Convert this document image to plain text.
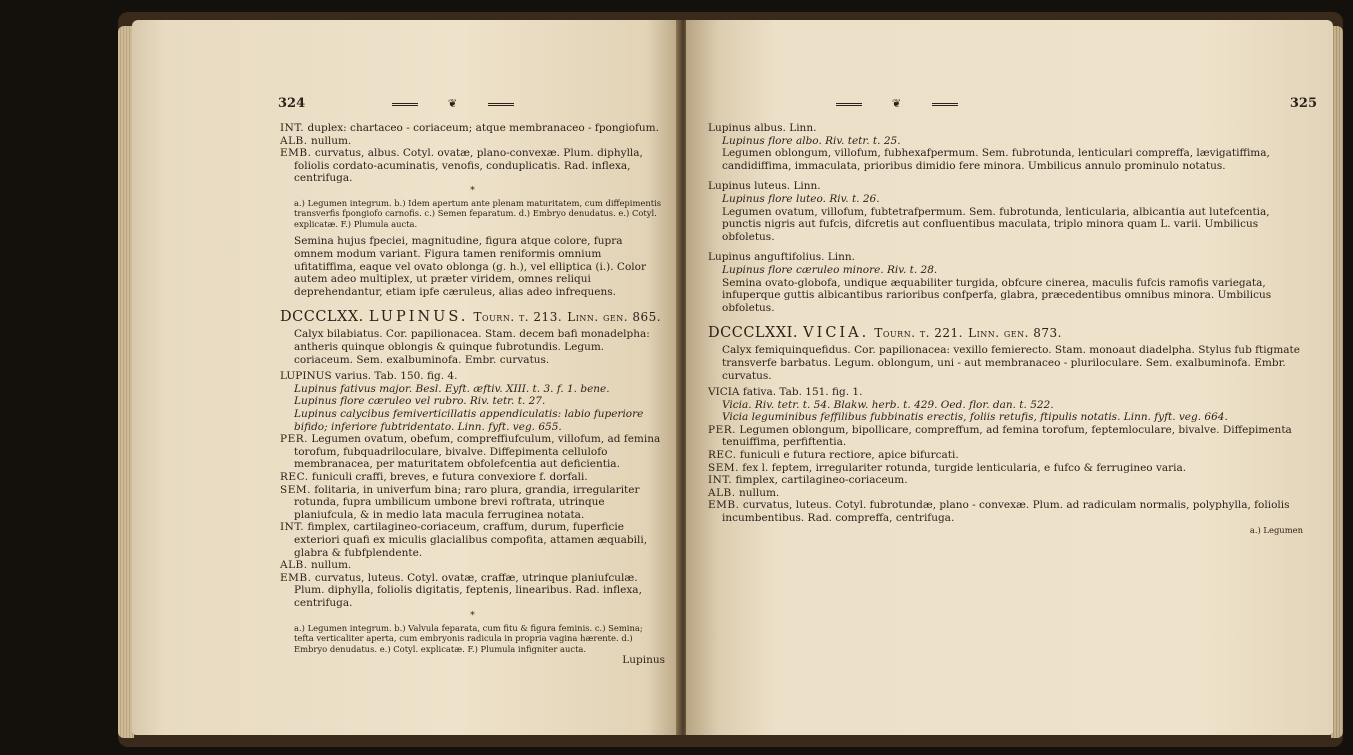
324	❦

INT. duplex: chartaceo - coriaceum; atque membranaceo - fpongiofum.

ALB. nullum.

EMB. curvatus, albus. Cotyl. ovatæ, plano-convexæ. Plum. diphylla, foliolis cordato-acuminatis, venofis, conduplicatis. Rad. inflexa, centrifuga.

*

a.) Legumen integrum. b.) Idem apertum ante plenam maturitatem, cum diffepimentis transverfis fpongiofo carnofis. c.) Semen feparatum. d.) Embryo denudatus. e.) Cotyl. explicatæ. F.) Plumula aucta.

Semina hujus fpeciei, magnitudine, figura atque colore, fupra omnem modum variant. Figura tamen reniformis omnium ufitatiffima, eaque vel ovato oblonga (g. h.), vel elliptica (i.). Color autem adeo multiplex, ut præter viridem, omnes reliqui deprehendantur, etiam ipfe cæruleus, alias adeo infrequens.

DCCCLXX. LUPINUS. Tourn. t. 213. Linn. gen. 865.

Calyx bilabiatus. Cor. papilionacea. Stam. decem bafi monadelpha: antheris quinque oblongis & quinque fubrotundis. Legum. coriaceum. Sem. exalbuminofa. Embr. curvatus.

LUPINUS varius. Tab. 150. fig. 4.

Lupinus fativus major. Besl. Eyft. æftiv. XIII. t. 3. f. 1. bene.

Lupinus flore cæruleo vel rubro. Riv. tetr. t. 27.

Lupinus calycibus femiverticillatis appendiculatis: labio fuperiore bifido; inferiore fubtridentato. Linn. fyft. veg. 655.

PER. Legumen ovatum, obefum, compreffiufculum, villofum, ad femina torofum, fubquadriloculare, bivalve. Diffepimenta cellulofo membranacea, per maturitatem obfolefcentia aut deficientia.

REC. funiculi craffi, breves, e futura convexiore f. dorfali.

SEM. folitaria, in univerfum bina; raro plura, grandia, irregulariter rotunda, fupra umbilicum umbone brevi roftrata, utrinque planiufcula, & in medio lata macula ferruginea notata.

INT. fimplex, cartilagineo-coriaceum, craffum, durum, fuperficie exteriori quafi ex miculis glacialibus compofita, attamen æquabili, glabra & fubfplendente.

ALB. nullum.

EMB. curvatus, luteus. Cotyl. ovatæ, craffæ, utrinque planiufculæ. Plum. diphylla, foliolis digitatis, feptenis, linearibus. Rad. inflexa, centrifuga.

*

a.) Legumen integrum. b.) Valvula feparata, cum fitu & figura feminis. c.) Semina; tefta verticaliter aperta, cum embryonis radicula in propria vagina hærente. d.) Embryo denudatus. e.) Cotyl. explicatæ. F.) Plumula infigniter aucta.

Lupinus

325
❦

Lupinus albus. Linn.

Lupinus flore albo. Riv. tetr. t. 25.

Legumen oblongum, villofum, fubhexafpermum. Sem. fubrotunda, lenticulari compreffa, lævigatiffima, candidiffima, immaculata, prioribus dimidio fere minora. Umbilicus annulo prominulo notatus.

Lupinus luteus. Linn.

Lupinus flore luteo. Riv. t. 26.

Legumen ovatum, villofum, fubtetrafpermum. Sem. fubrotunda, lenticularia, albicantia aut lutefcentia, punctis nigris aut fufcis, difcretis aut confluentibus maculata, triplo minora quam L. varii. Umbilicus obfoletus.

Lupinus anguftifolius. Linn.

Lupinus flore cæruleo minore. Riv. t. 28.

Semina ovato-globofa, undique æquabiliter turgida, obfcure cinerea, maculis fufcis ramofis variegata, infuperque guttis albicantibus rarioribus confperfa, glabra, præcedentibus omnibus minora. Umbilicus obfoletus.

DCCCLXXI. VICIA. Tourn. t. 221. Linn. gen. 873.

Calyx femiquinquefidus. Cor. papilionacea: vexillo femierecto. Stam. monoaut diadelpha. Stylus fub ftigmate transverfe barbatus. Legum. oblongum, uni - aut membranaceo - pluriloculare. Sem. exalbuminofa. Embr. curvatus.

VICIA fativa. Tab. 151. fig. 1.

Vicia. Riv. tetr. t. 54. Blakw. herb. t. 429. Oed. flor. dan. t. 522.

Vicia leguminibus feffilibus fubbinatis erectis, foliis retufis, ftipulis notatis. Linn. fyft. veg. 664.

PER. Legumen oblongum, bipollicare, compreffum, ad femina torofum, feptemloculare, bivalve. Diffepimenta tenuiffima, perfiftentia.

REC. funiculi e futura rectiore, apice bifurcati.

SEM. fex l. feptem, irregulariter rotunda, turgide lenticularia, e fufco & ferrugineo varia.

INT. fimplex, cartilagineo-coriaceum.

ALB. nullum.

EMB. curvatus, luteus. Cotyl. fubrotundæ, plano - convexæ. Plum. ad radiculam normalis, polyphylla, foliolis incumbentibus. Rad. compreffa, centrifuga.

a.) Legumen
